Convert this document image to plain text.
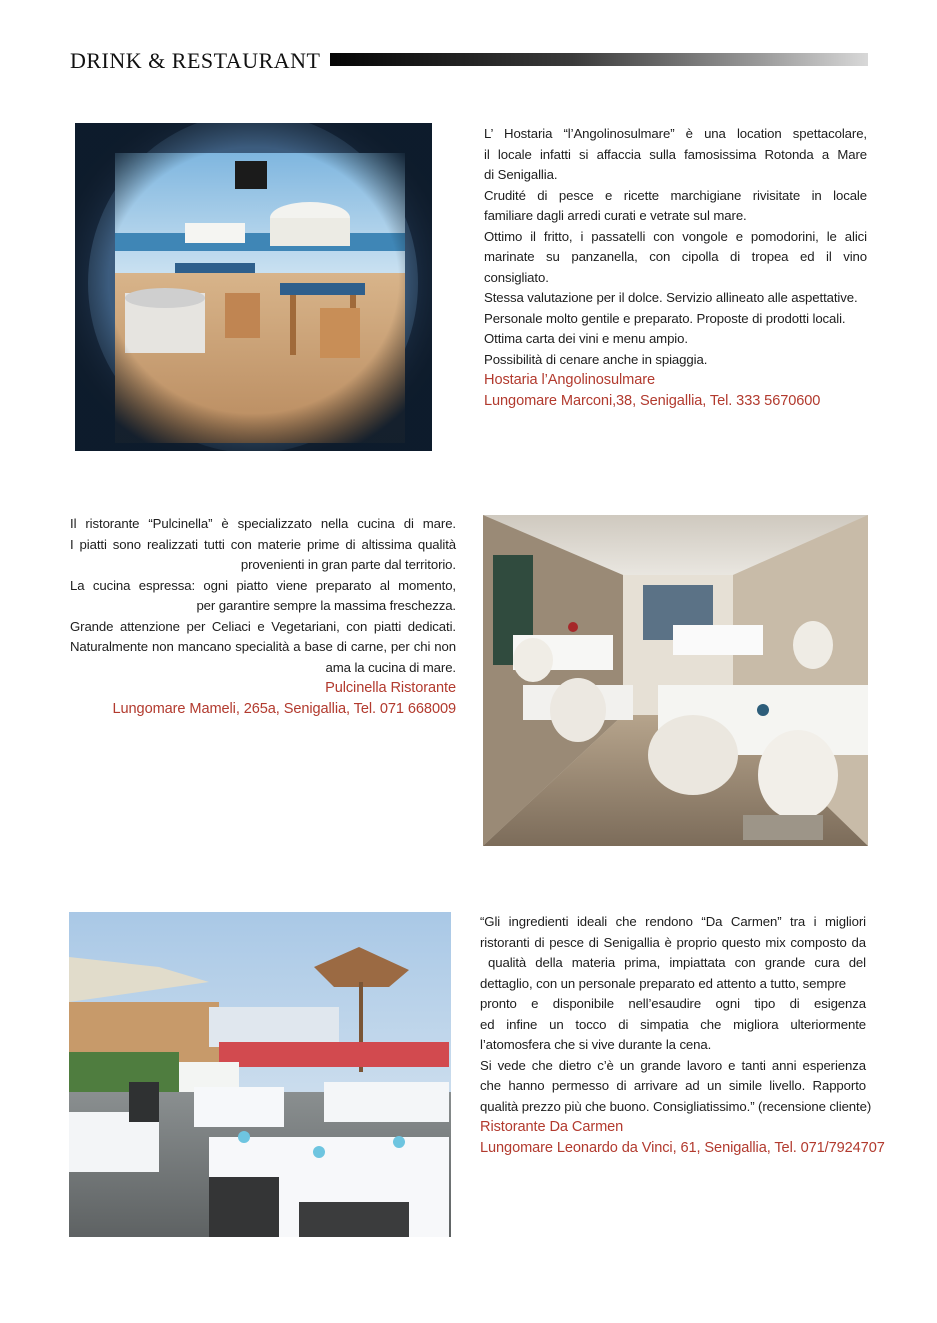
DRINK & RESTAURANT
L’ Hostaria “l’Angolinosulmare” è una location spettacolare,
il locale infatti si affaccia sulla famosissima Rotonda a Mare
di Senigallia.
Crudité di pesce e ricette marchigiane rivisitate in locale
familiare dagli arredi curati e vetrate sul mare.
Ottimo il fritto, i passatelli con vongole e pomodorini, le alici
marinate su panzanella, con cipolla di tropea ed il vino
consigliato.
Stessa valutazione per il dolce. Servizio allineato alle aspettative.
Personale molto gentile e preparato. Proposte di prodotti locali.
Ottima carta dei vini e menu ampio.
Possibilità di cenare anche in spiaggia.
Hostaria l’Angolinosulmare
Lungomare Marconi,38, Senigallia, Tel. 333 5670600
Il ristorante “Pulcinella” è specializzato nella cucina di mare.
I piatti sono realizzati tutti con materie prime di altissima qualità
provenienti in gran parte dal territorio.
La cucina espressa: ogni piatto viene preparato al momento,
per garantire sempre la massima freschezza.
Grande attenzione per Celiaci e Vegetariani, con piatti dedicati.
Naturalmente non mancano specialità a base di carne, per chi non
ama la cucina di mare.
Pulcinella Ristorante
Lungomare Mameli, 265a, Senigallia, Tel. 071 668009
“Gli ingredienti ideali che rendono “Da Carmen” tra i migliori
ristoranti di pesce di Senigallia è proprio questo mix composto da
qualità della materia prima, impiattata con grande cura del
dettaglio, con un personale preparato ed attento a tutto, sempre
pronto e disponibile nell’esaudire ogni tipo di esigenza
ed infine un tocco di simpatia che migliora ulteriormente
l’atomosfera che si vive durante la cena.
Si vede che dietro c’è un grande lavoro e tanti anni esperienza
che hanno permesso di arrivare ad un simile livello. Rapporto
qualità prezzo più che buono. Consigliatissimo.” (recensione cliente)
Ristorante Da Carmen
Lungomare Leonardo da Vinci, 61, Senigallia, Tel. 071/7924707
